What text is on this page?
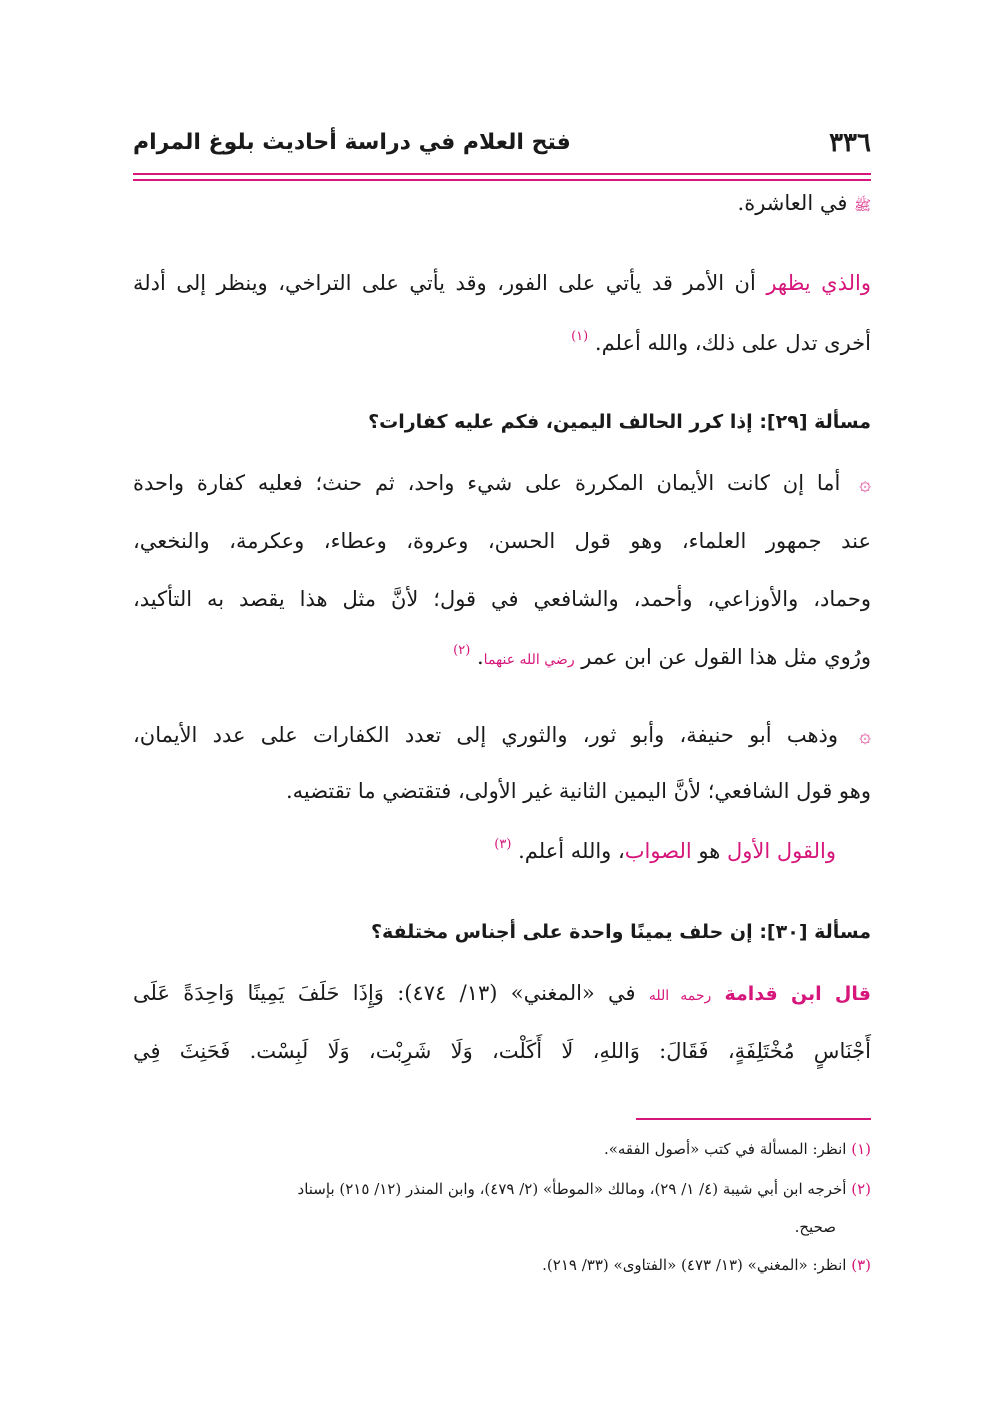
٣٣٦
فتح العلام في دراسة أحاديث بلوغ المرام
ﷺ في العاشرة.
والذي يظهر أن الأمر قد يأتي على الفور، وقد يأتي على التراخي، وينظر إلى أدلة
أخرى تدل على ذلك، والله أعلم. $^{(١)}$
مسألة [٢٩]: إذا كرر الحالف اليمين، فكم عليه كفارات؟
۞ أما إن كانت الأيمان المكررة على شيء واحد، ثم حنث؛ فعليه كفارة واحدة
عند جمهور العلماء، وهو قول الحسن، وعروة، وعطاء، وعكرمة، والنخعي،
وحماد، والأوزاعي، وأحمد، والشافعي في قول؛ لأنَّ مثل هذا يقصد به التأكيد،
ورُوي مثل هذا القول عن ابن عمر رضي الله عنهما. $^{(٢)}$
۞ وذهب أبو حنيفة، وأبو ثور، والثوري إلى تعدد الكفارات على عدد الأيمان،
وهو قول الشافعي؛ لأنَّ اليمين الثانية غير الأولى، فتقتضي ما تقتضيه.
والقول الأول هو الصواب، والله أعلم. $^{(٣)}$
مسألة [٣٠]: إن حلف يمينًا واحدة على أجناس مختلفة؟
قال ابن قدامة رحمه الله في «المغني» (١٣/ ٤٧٤): وَإِذَا حَلَفَ يَمِينًا وَاحِدَةً عَلَى
أَجْنَاسٍ مُخْتَلِفَةٍ، فَقَالَ: وَاللهِ، لَا أَكَلْت، وَلَا شَرِبْت، وَلَا لَبِسْت. فَحَنِثَ فِي
(١) انظر: المسألة في كتب «أصول الفقه».
(٢) أخرجه ابن أبي شيبة (٤/ ١/ ٢٩)، ومالك «الموطأ» (٢/ ٤٧٩)، وابن المنذر (١٢/ ٢١٥) بإسناد
صحيح.
(٣) انظر: «المغني» (١٣/ ٤٧٣) «الفتاوى» (٣٣/ ٢١٩).
